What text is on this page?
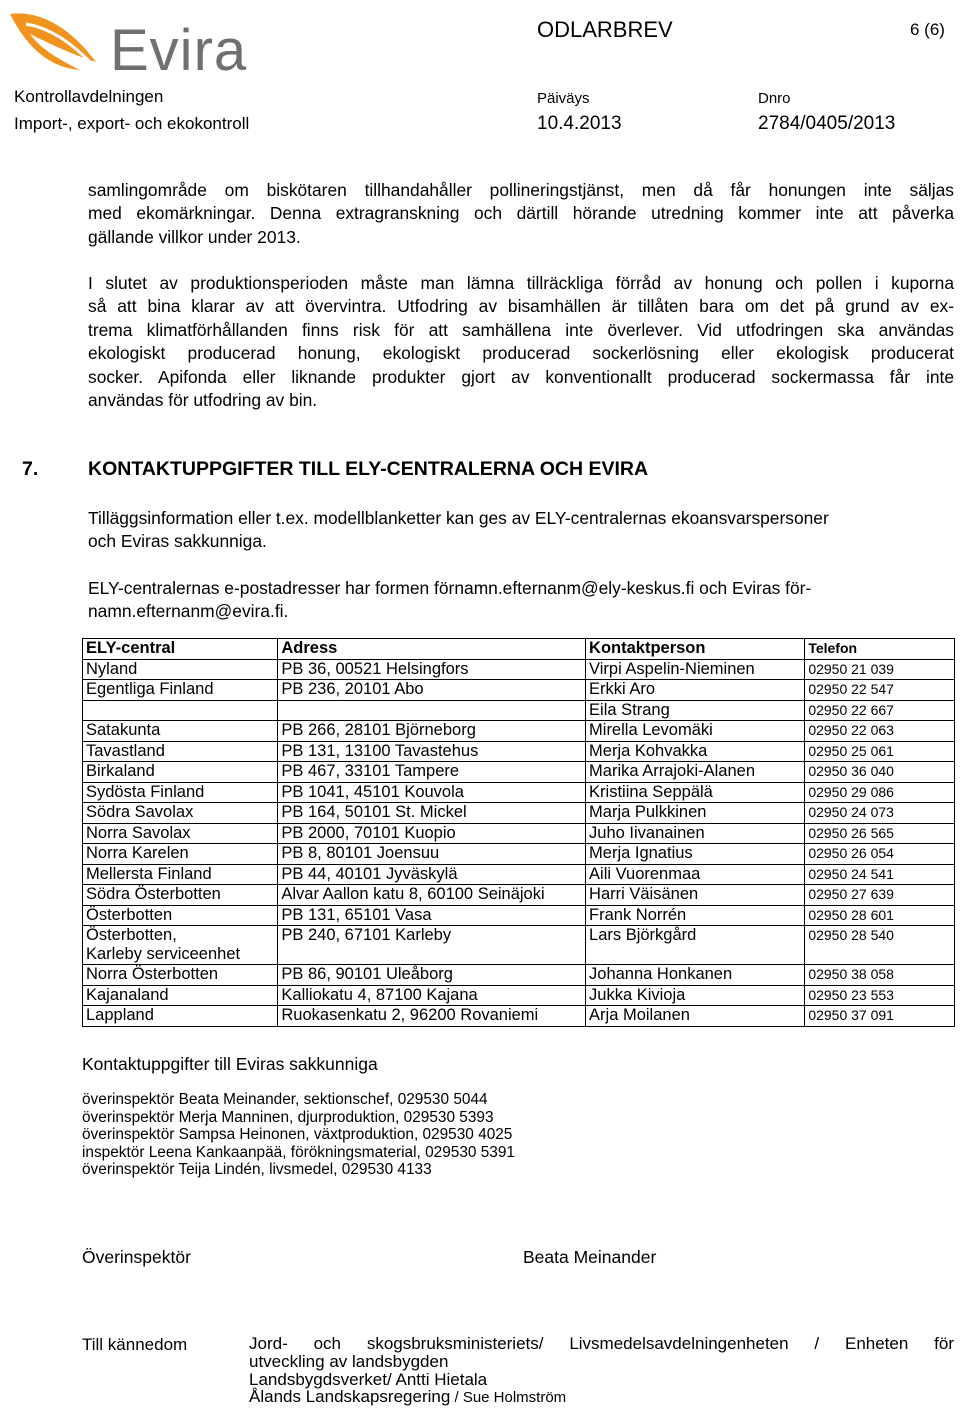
Evira	ODLARBREV	6 (6)
Kontrollavdelningen	Päiväys	Dnro
Import-, export- och ekokontroll	10.4.2013	2784/0405/2013
samlingområde om biskötaren tillhandahåller pollineringstjänst, men då får honungen inte säljas
med ekomärkningar. Denna extragranskning och därtill hörande utredning kommer inte att påverka
gällande villkor under 2013.
I slutet av produktionsperioden måste man lämna tillräckliga förråd av honung och pollen i kuporna
så att bina klarar av att övervintra. Utfodring av bisamhällen är tillåten bara om det på grund av ex-
trema klimatförhållanden finns risk för att samhällena inte överlever. Vid utfodringen ska användas
ekologiskt producerad honung, ekologiskt producerad sockerlösning eller ekologisk producerat
socker. Apifonda eller liknande produkter gjort av konventionallt producerad sockermassa får inte
användas för utfodring av bin.
7.	KONTAKTUPPGIFTER TILL ELY-CENTRALERNA OCH EVIRA
Tilläggsinformation eller t.ex. modellblanketter kan ges av ELY-centralernas ekoansvarspersoner
och Eviras sakkunniga.
ELY-centralernas e-postadresser har formen förnamn.efternanm@ely-keskus.fi och Eviras för-
namn.efternanm@evira.fi.
ELY-central	Adress	Kontaktperson	Telefon
Nyland	PB 36, 00521 Helsingfors	Virpi Aspelin-Nieminen	02950 21 039
Egentliga Finland	PB 236, 20101 Abo	Erkki Aro	02950 22 547
		Eila Strang	02950 22 667
Satakunta	PB 266, 28101 Björneborg	Mirella Levomäki	02950 22 063
Tavastland	PB 131, 13100 Tavastehus	Merja Kohvakka	02950 25 061
Birkaland	PB 467, 33101 Tampere	Marika Arrajoki-Alanen	02950 36 040
Sydösta Finland	PB 1041, 45101 Kouvola	Kristiina Seppälä	02950 29 086
Södra Savolax	PB 164, 50101 St. Mickel	Marja Pulkkinen	02950 24 073
Norra Savolax	PB 2000, 70101 Kuopio	Juho Iivanainen	02950 26 565
Norra Karelen	PB 8, 80101 Joensuu	Merja Ignatius	02950 26 054
Mellersta Finland	PB 44, 40101 Jyväskylä	Aili Vuorenmaa	02950 24 541
Södra Österbotten	Alvar Aallon katu 8, 60100 Seinäjoki	Harri Väisänen	02950 27 639
Österbotten	PB 131, 65101 Vasa	Frank Norrén	02950 28 601

Österbotten,
Karleby serviceenhet	PB 240, 67101 Karleby	Lars Björkgård	02950 28 540
Norra Österbotten	PB 86, 90101 Uleåborg	Johanna Honkanen	02950 38 058
Kajanaland	Kalliokatu 4, 87100 Kajana	Jukka Kivioja	02950 23 553
Lappland	Ruokasenkatu 2, 96200 Rovaniemi	Arja Moilanen	02950 37 091
Kontaktuppgifter till Eviras sakkunniga
överinspektör Beata Meinander, sektionschef, 029530 5044
överinspektör Merja Manninen, djurproduktion, 029530 5393
överinspektör Sampsa Heinonen, växtproduktion, 029530 4025
inspektör Leena Kankaanpää, förökningsmaterial, 029530 5391
överinspektör Teija Lindén, livsmedel, 029530 4133
Överinspektör	Beata Meinander
Till kännedom	Jord- och skogsbruksministeriets/ Livsmedelsavdelningenheten / Enheten för
utveckling av landsbygden
Landsbygdsverket/ Antti Hietala
Ålands Landskapsregering / Sue Holmström
